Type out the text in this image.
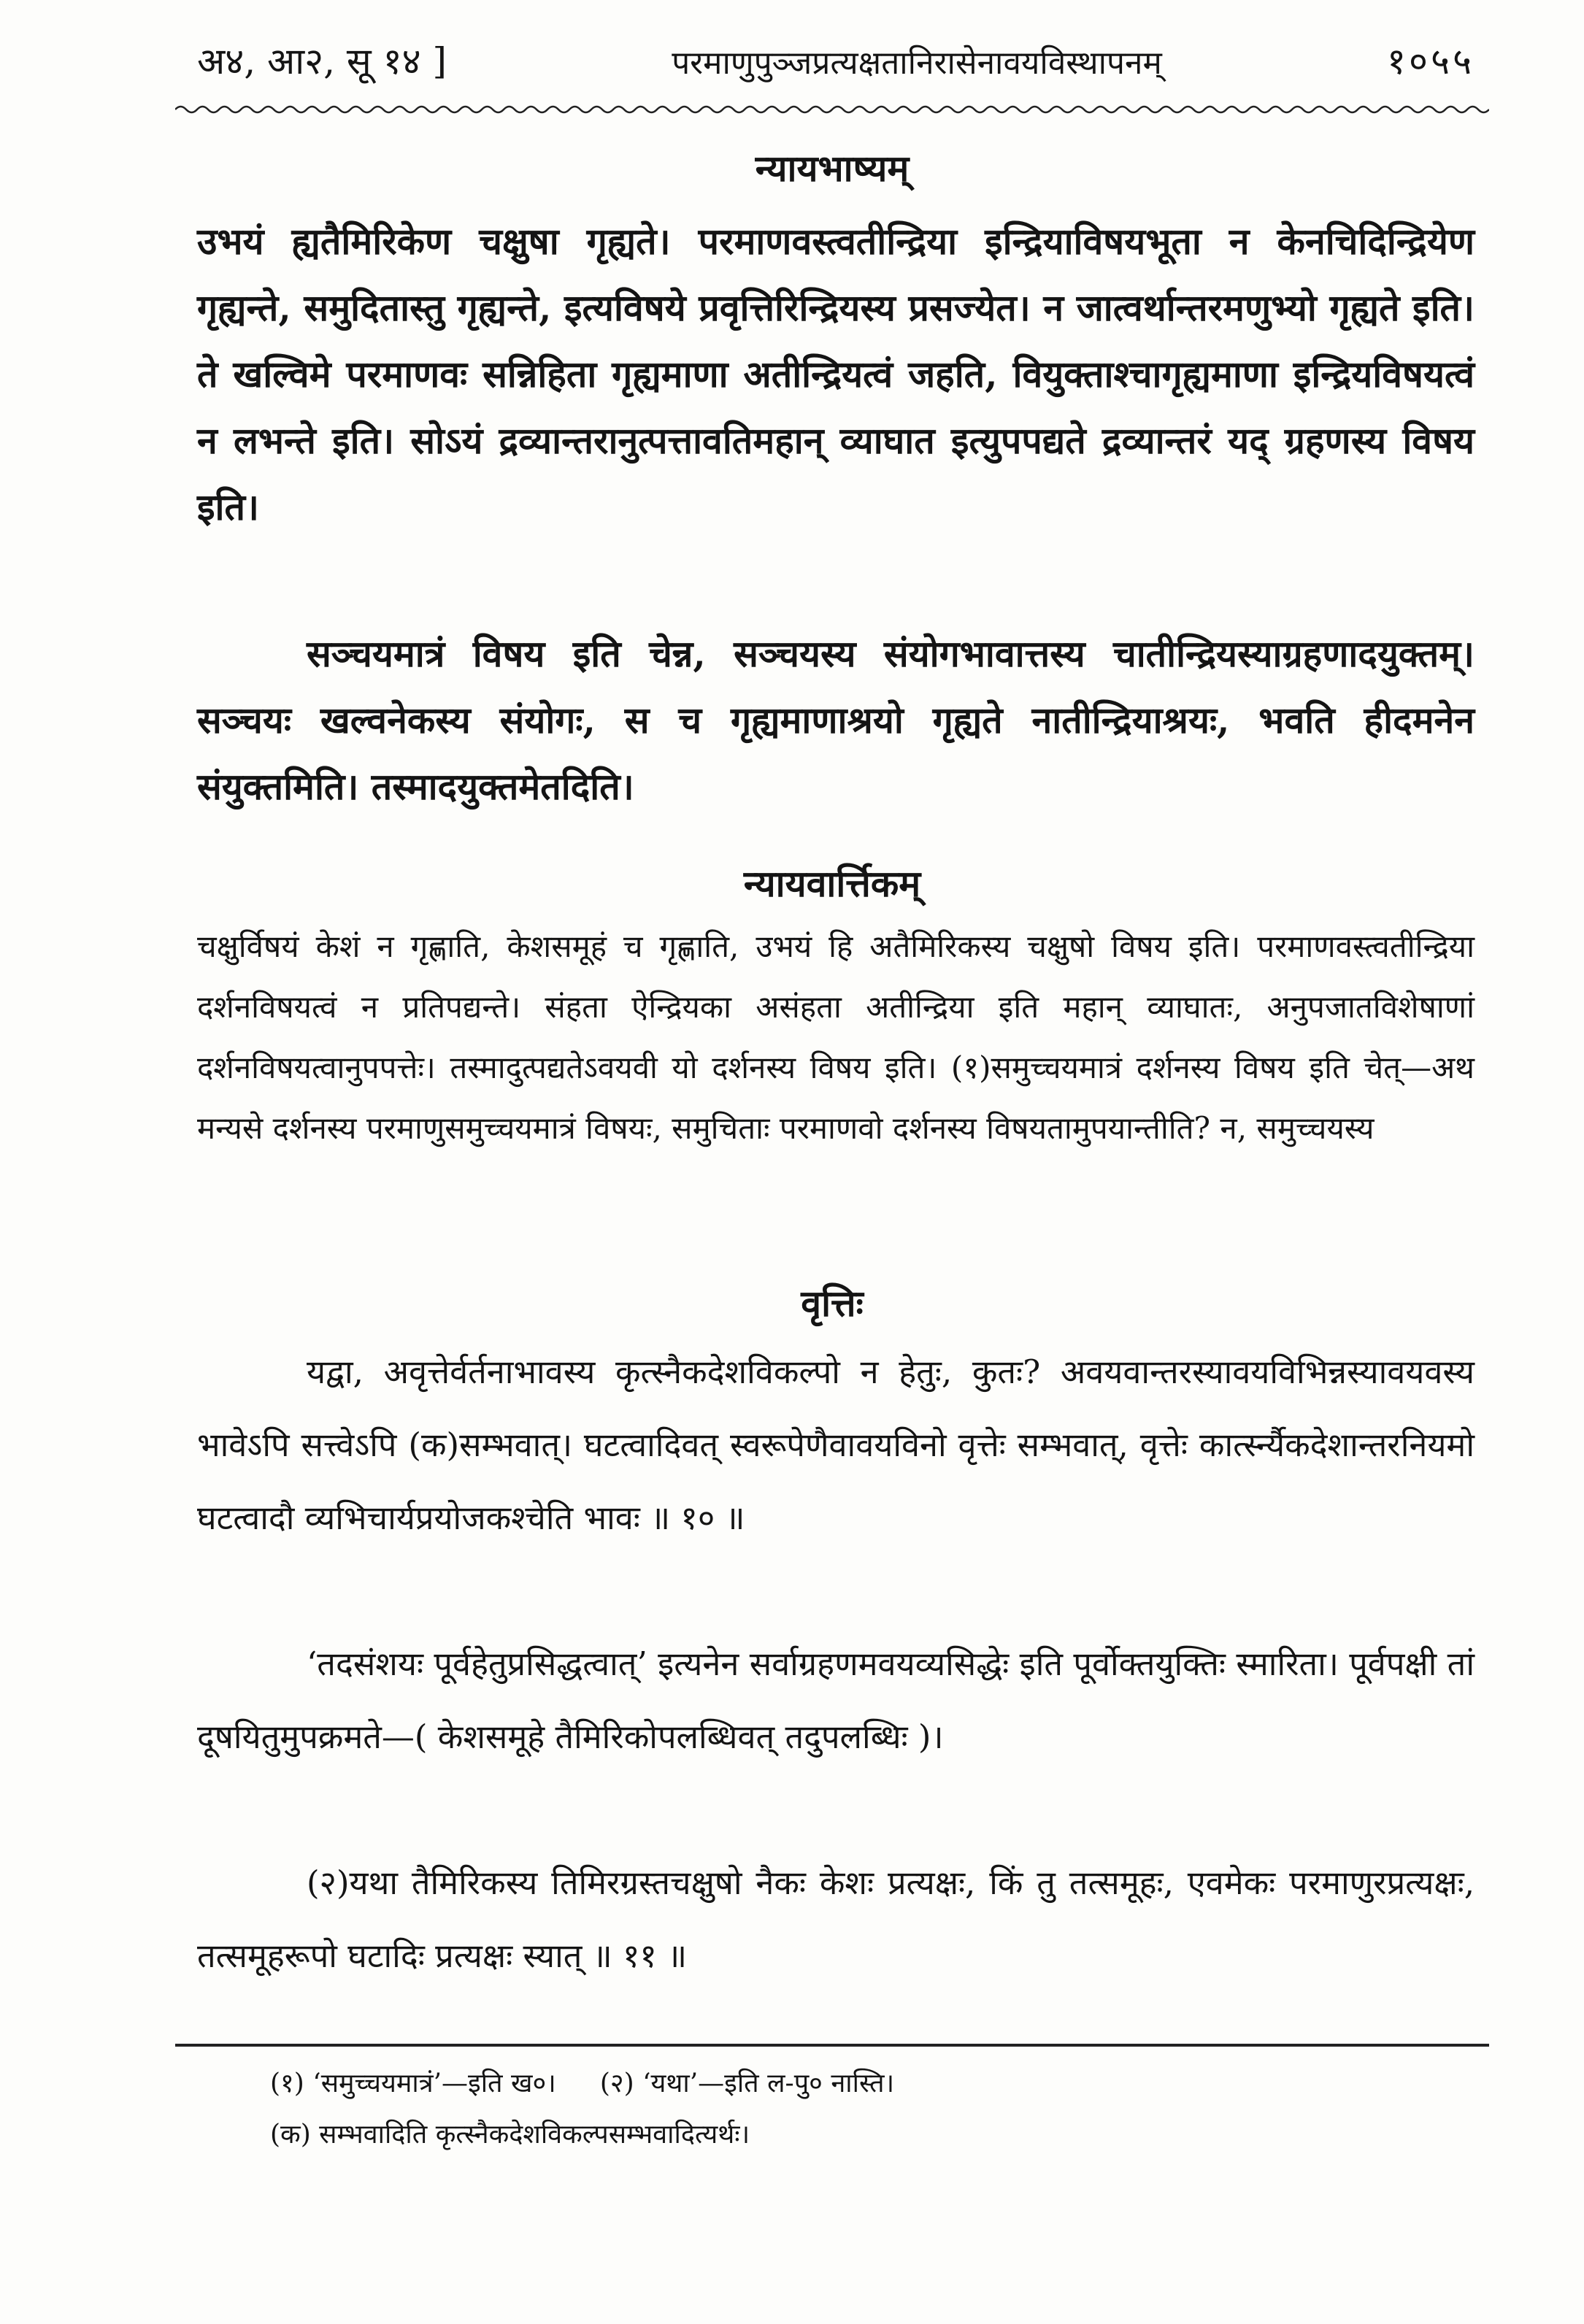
अ४, आ२, सू १४ ]	परमाणुपुञ्जप्रत्यक्षतानिरासेनावयविस्थापनम्	१०५५
न्यायभाष्यम्
उभयं ह्यतैमिरिकेण चक्षुषा गृह्यते। परमाणवस्त्वतीन्द्रिया इन्द्रियाविषयभूता न केनचिदिन्द्रियेण गृह्यन्ते, समुदितास्तु गृह्यन्ते, इत्यविषये प्रवृत्तिरिन्द्रियस्य प्रसज्येत। न जात्वर्थान्तरमणुभ्यो गृह्यते इति। ते खल्विमे परमाणवः सन्निहिता गृह्यमाणा अतीन्द्रियत्वं जहति, वियुक्ताश्चागृह्यमाणा इन्द्रियविषयत्वं न लभन्ते इति। सोऽयं द्रव्यान्तरानुत्पत्तावतिमहान् व्याघात इत्युपपद्यते द्रव्यान्तरं यद् ग्रहणस्य विषय इति।
सञ्चयमात्रं विषय इति चेन्न, सञ्चयस्य संयोगभावात्तस्य चातीन्द्रियस्याग्रहणादयुक्तम्। सञ्चयः खल्वनेकस्य संयोगः, स च गृह्यमाणाश्रयो गृह्यते नातीन्द्रियाश्रयः, भवति हीदमनेन संयुक्तमिति। तस्मादयुक्तमेतदिति।
न्यायवार्त्तिकम्
चक्षुर्विषयं केशं न गृह्णाति, केशसमूहं च गृह्णाति, उभयं हि अतैमिरिकस्य चक्षुषो विषय इति। परमाणवस्त्वतीन्द्रिया दर्शनविषयत्वं न प्रतिपद्यन्ते। संहता ऐन्द्रियका असंहता अतीन्द्रिया इति महान् व्याघातः, अनुपजातविशेषाणां दर्शनविषयत्वानुपपत्तेः। तस्मादुत्पद्यतेऽवयवी यो दर्शनस्य विषय इति। (१)समुच्चयमात्रं दर्शनस्य विषय इति चेत्—अथ मन्यसे दर्शनस्य परमाणुसमुच्चयमात्रं विषयः, समुचिताः परमाणवो दर्शनस्य विषयतामुपयान्तीति? न, समुच्चयस्य
वृत्तिः
यद्वा, अवृत्तेर्वर्तनाभावस्य कृत्स्नैकदेशविकल्पो न हेतुः, कुतः? अवयवान्तरस्यावयविभिन्नस्यावयवस्य भावेऽपि सत्त्वेऽपि (क)सम्भवात्। घटत्वादिवत् स्वरूपेणैवावयविनो वृत्तेः सम्भवात्, वृत्तेः कार्त्स्न्यैकदेशान्तरनियमो घटत्वादौ व्यभिचार्यप्रयोजकश्चेति भावः ॥ १० ॥
‘तदसंशयः पूर्वहेतुप्रसिद्धत्वात्’ इत्यनेन सर्वाग्रहणमवयव्यसिद्धेः इति पूर्वोक्तयुक्तिः स्मारिता। पूर्वपक्षी तां दूषयितुमुपक्रमते—( केशसमूहे तैमिरिकोपलब्धिवत् तदुपलब्धिः )।
(२)यथा तैमिरिकस्य तिमिरग्रस्तचक्षुषो नैकः केशः प्रत्यक्षः, किं तु तत्समूहः, एवमेकः परमाणुरप्रत्यक्षः, तत्समूहरूपो घटादिः प्रत्यक्षः स्यात् ॥ ११ ॥
(१) ‘समुच्चयमात्रं’—इति ख०। (२) ‘यथा’—इति ल-पु० नास्ति।
(क) सम्भवादिति कृत्स्नैकदेशविकल्पसम्भवादित्यर्थः।
